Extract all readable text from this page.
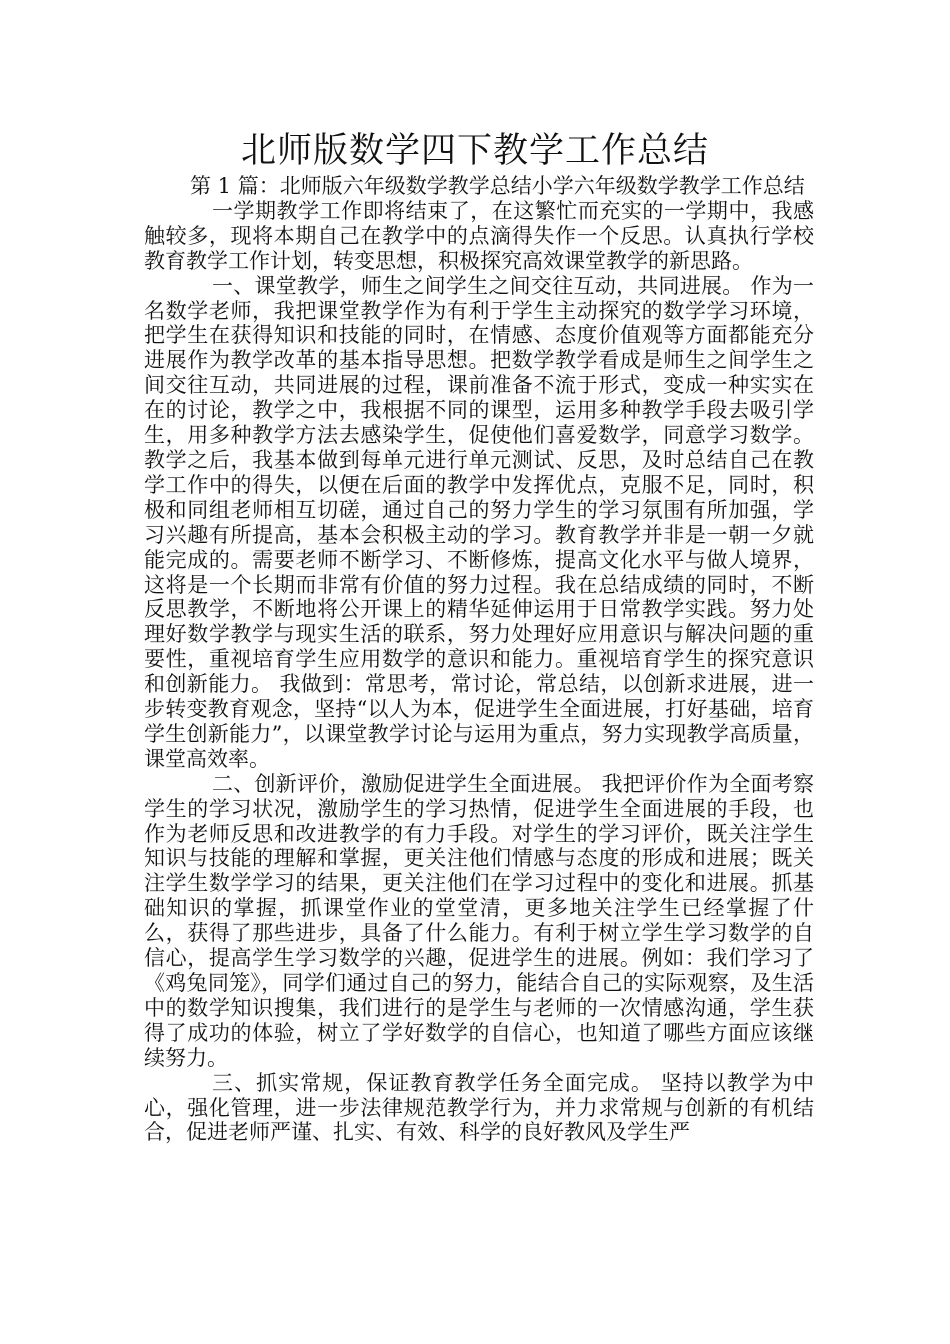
北师版数学四下教学工作总结

第 1 篇：北师版六年级数学教学总结小学六年级数学教学工作总结

一学期教学工作即将结束了，在这繁忙而充实的一学期中，我感触较多，现将本期自己在教学中的点滴得失作一个反思。认真执行学校教育教学工作计划，转变思想，积极探究高效课堂教学的新思路。

一、课堂教学，师生之间学生之间交往互动，共同进展。 作为一名数学老师，我把课堂教学作为有利于学生主动探究的数学学习环境，把学生在获得知识和技能的同时，在情感、态度价值观等方面都能充分进展作为教学改革的基本指导思想。把数学教学看成是师生之间学生之间交往互动，共同进展的过程，课前准备不流于形式，变成一种实实在在的讨论，教学之中，我根据不同的课型，运用多种教学手段去吸引学生，用多种教学方法去感染学生，促使他们喜爱数学，同意学习数学。教学之后，我基本做到每单元进行单元测试、反思，及时总结自己在教学工作中的得失，以便在后面的教学中发挥优点，克服不足，同时，积极和同组老师相互切磋，通过自己的努力学生的学习氛围有所加强，学习兴趣有所提高，基本会积极主动的学习。教育教学并非是一朝一夕就能完成的。需要老师不断学习、不断修炼，提高文化水平与做人境界，这将是一个长期而非常有价值的努力过程。我在总结成绩的同时，不断反思教学，不断地将公开课上的精华延伸运用于日常教学实践。努力处理好数学教学与现实生活的联系，努力处理好应用意识与解决问题的重要性，重视培育学生应用数学的意识和能力。重视培育学生的探究意识和创新能力。 我做到：常思考，常讨论，常总结，以创新求进展，进一步转变教育观念，坚持“以人为本，促进学生全面进展，打好基础，培育学生创新能力”，以课堂教学讨论与运用为重点，努力实现教学高质量，课堂高效率。

二、创新评价，激励促进学生全面进展。 我把评价作为全面考察学生的学习状况，激励学生的学习热情，促进学生全面进展的手段，也作为老师反思和改进教学的有力手段。对学生的学习评价，既关注学生知识与技能的理解和掌握，更关注他们情感与态度的形成和进展；既关注学生数学学习的结果，更关注他们在学习过程中的变化和进展。抓基础知识的掌握，抓课堂作业的堂堂清，更多地关注学生已经掌握了什么，获得了那些进步，具备了什么能力。有利于树立学生学习数学的自信心，提高学生学习数学的兴趣，促进学生的进展。例如：我们学习了《鸡兔同笼》，同学们通过自己的努力，能结合自己的实际观察，及生活中的数学知识搜集，我们进行的是学生与老师的一次情感沟通，学生获得了成功的体验，树立了学好数学的自信心，也知道了哪些方面应该继续努力。

三、抓实常规，保证教育教学任务全面完成。 坚持以教学为中心，强化管理，进一步法律规范教学行为，并力求常规与创新的有机结合，促进老师严谨、扎实、有效、科学的良好教风及学生严
